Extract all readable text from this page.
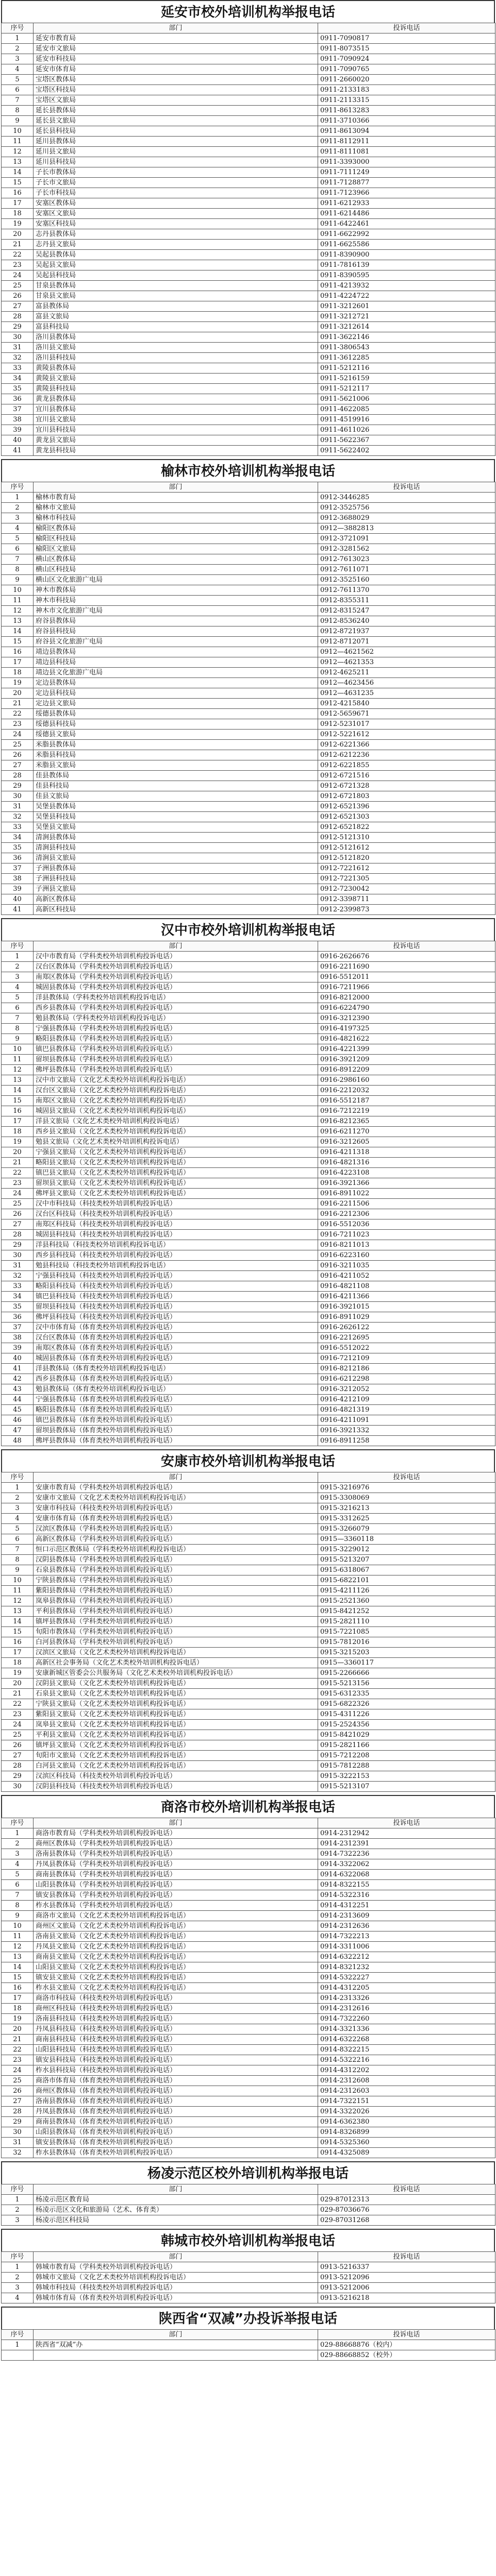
延安市校外培训机构举报电话
序号	部门	投诉电话
1	延安市教育局	0911-7090817
2	延安市文旅局	0911-8073515
3	延安市科技局	0911-7090924
4	延安市体育局	0911-7090765
5	宝塔区教体局	0911-2660020
6	宝塔区科技局	0911-2133183
7	宝塔区文旅局	0911-2113315
8	延长县教体局	0911-8613283
9	延长县文旅局	0911-3710366
10	延长县科技局	0911-8613094
11	延川县教体局	0911-8112911
12	延川县文旅局	0911-8111081
13	延川县科技局	0911-3393000
14	子长市教体局	0911-7111249
15	子长市文旅局	0911-7128877
16	子长市科技局	0911-7123966
17	安塞区教体局	0911-6212933
18	安塞区文旅局	0911-6214486
19	安塞区科技局	0911-6422461
20	志丹县教体局	0911-6622992
21	志丹县文旅局	0911-6625586
22	吴起县教体局	0911-8390900
23	吴起县文旅局	0911-7816139
24	吴起县科技局	0911-8390595
25	甘泉县教体局	0911-4213932
26	甘泉县文旅局	0911-4224722
27	富县教体局	0911-3212601
28	富县文旅局	0911-3212721
29	富县科技局	0911-3212614
30	洛川县教体局	0911-3622146
31	洛川县文旅局	0911-3806543
32	洛川县科技局	0911-3612285
33	黄陵县教体局	0911-5212116
34	黄陵县文旅局	0911-5216159
35	黄陵县科技局	0911-5212117
36	黄龙县教体局	0911-5621006
37	宜川县教体局	0911-4622085
38	宜川县文旅局	0911-4519916
39	宜川县科技局	0911-4611026
40	黄龙县文旅局	0911-5622367
41	黄龙县科技局	0911-5622402
榆林市校外培训机构举报电话
序号	部门	投诉电话
1	榆林市教育局	0912-3446285
2	榆林市文旅局	0912-3525756
3	榆林市科技局	0912-3688029
4	榆阳区教体局	0912—3882813
5	榆阳区科技局	0912-3721091
6	榆阳区文旅局	0912-3281562
7	横山区教体局	0912-7613023
8	横山区科技局	0912-7611071
9	横山区文化旅游广电局	0912-3525160
10	神木市教体局	0912-7611370
11	神木市科技局	0912-8355311
12	神木市文化旅游广电局	0912-8315247
13	府谷县教体局	0912-8536240
14	府谷县科技局	0912-8721937
15	府谷县文化旅游广电局	0912-8712071
16	靖边县教体局	0912—4621562
17	靖边县科技局	0912—4621353
18	靖边县文化旅游广电局	0912-4625211
19	定边县教体局	0912—4623456
20	定边县科技局	0912—4631235
21	定边县文旅局	0912-4215840
22	绥德县教体局	0912-5659671
23	绥德县科技局	0912-5231017
24	绥德县文旅局	0912-5221612
25	米脂县教体局	0912-6221366
26	米脂县科技局	0912-6212236
27	米脂县文旅局	0912-6221855
28	佳县教体局	0912-6721516
29	佳县科技局	0912-6721328
30	佳县文旅局	0912-6721803
31	吴堡县教体局	0912-6521396
32	吴堡县科技局	0912-6521303
33	吴堡县文旅局	0912-6521822
34	清涧县教体局	0912-5121310
35	清涧县科技局	0912-5121612
36	清涧县文旅局	0912-5121820
37	子洲县教体局	0912-7221612
38	子洲县科技局	0912-7221305
39	子洲县文旅局	0912-7230042
40	高新区教体局	0912-3398711
41	高新区科技局	0912-2399873
汉中市校外培训机构举报电话
序号	部门	投诉电话
1	汉中市教育局（学科类校外培训机构投诉电话）	0916-2626676
2	汉台区教体局（学科类校外培训机构投诉电话）	0916-2211690
3	南郑区教体局（学科类校外培训机构投诉电话）	0916-5512011
4	城固县教体局（学科类校外培训机构投诉电话）	0916-7211966
5	洋县教体局（学科类校外培训机构投诉电话）	0916-8212000
6	西乡县教体局（学科类校外培训机构投诉电话）	0916-6224790
7	勉县教体局（学科类校外培训机构投诉电话）	0916-3212390
8	宁强县教体局（学科类校外培训机构投诉电话）	0916-4197325
9	略阳县教体局（学科类校外培训机构投诉电话）	0916-4821622
10	镇巴县教体局（学科类校外培训机构投诉电话）	0916-4221399
11	留坝县教体局（学科类校外培训机构投诉电话）	0916-3921209
12	佛坪县教体局（学科类校外培训机构投诉电话）	0916-8912209
13	汉中市文旅局（文化艺术类校外培训机构投诉电话）	0916-2986160
14	汉台区文旅局（文化艺术类校外培训机构投诉电话）	0916-2212032
15	南郑区文旅局（文化艺术类校外培训机构投诉电话）	0916-5512187
16	城固县文旅局（文化艺术类校外培训机构投诉电话）	0916-7212219
17	洋县文旅局（文化艺术类校外培训机构投诉电话）	0916-8212365
18	西乡县文旅局（文化艺术类校外培训机构投诉电话）	0916-6211270
19	勉县文旅局（文化艺术类校外培训机构投诉电话）	0916-3212605
20	宁强县文旅局（文化艺术类校外培训机构投诉电话）	0916-4211318
21	略阳县文旅局（文化艺术类校外培训机构投诉电话）	0916-4821316
22	镇巴县文旅局（文化艺术类校外培训机构投诉电话）	0916-4223108
23	留坝县文旅局（文化艺术类校外培训机构投诉电话）	0916-3921366
24	佛坪县文旅局（文化艺术类校外培训机构投诉电话）	0916-8911022
25	汉中市科技局（科技类校外培训机构投诉电话）	0916-2211506
26	汉台区科技局（科技类校外培训机构投诉电话）	0916-2212306
27	南郑区科技局（科技类校外培训机构投诉电话）	0916-5512036
28	城固县科技局（科技类校外培训机构投诉电话）	0916-7211023
29	洋县科技局（科技类校外培训机构投诉电话）	0916-8211013
30	西乡县科技局（科技类校外培训机构投诉电话）	0916-6223160
31	勉县科技局（科技类校外培训机构投诉电话）	0916-3211035
32	宁强县科技局（科技类校外培训机构投诉电话）	0916-4211052
33	略阳县科技局（科技类校外培训机构投诉电话）	0916-4821108
34	镇巴县科技局（科技类校外培训机构投诉电话）	0916-4211366
35	留坝县科技局（科技类校外培训机构投诉电话）	0916-3921015
36	佛坪县科技局（科技类校外培训机构投诉电话）	0916-8911029
37	汉中市体育局（体育类校外培训机构投诉电话）	0916-2626122
38	汉台区教体局（体育类校外培训机构投诉电话）	0916-2212695
39	南郑区教体局（体育类校外培训机构投诉电话）	0916-5512022
40	城固县教体局（体育类校外培训机构投诉电话）	0916-7212109
41	洋县教体局（体育类校外培训机构投诉电话）	0916-8212186
42	西乡县教体局（体育类校外培训机构投诉电话）	0916-6212298
43	勉县教体局（体育类校外培训机构投诉电话）	0916-3212052
44	宁强县教体局（体育类校外培训机构投诉电话）	0916-4212109
45	略阳县教体局（体育类校外培训机构投诉电话）	0916-4821319
46	镇巴县教体局（体育类校外培训机构投诉电话）	0916-4211091
47	留坝县教体局（体育类校外培训机构投诉电话）	0916-3921332
48	佛坪县教体局（体育类校外培训机构投诉电话）	0916-8911258
安康市校外培训机构举报电话
序号	部门	投诉电话
1	安康市教育局（学科类校外培训机构投诉电话）	0915-3216976
2	安康市文旅局（文化艺术类校外培训机构投诉电话）	0915-3308069
3	安康市科技局（科技类校外培训机构投诉电话）	0915-3216213
4	安康市体育局（体育类校外培训机构投诉电话）	0915-3312625
5	汉滨区教体局（学科类校外培训机构投诉电话）	0915-3266079
6	高新区教体局（学科类校外培训机构投诉电话）	0915—3360118
7	恒口示范区教体局（学科类校外培训机构投诉电话）	0915-3229012
8	汉阴县教体局（学科类校外培训机构投诉电话）	0915-5213207
9	石泉县教体局（学科类校外培训机构投诉电话）	0915-6318067
10	宁陕县教体局（学科类校外培训机构投诉电话）	0915-6822101
11	紫阳县教体局（学科类校外培训机构投诉电话）	0915-4211126
12	岚皋县教体局（学科类校外培训机构投诉电话）	0915-2521360
13	平利县教体局（学科类校外培训机构投诉电话）	0915-8421252
14	镇坪县教体局（学科类校外培训机构投诉电话）	0915-2821110
15	旬阳市教体局（学科类校外培训机构投诉电话）	0915-7221085
16	白河县教体局（学科类校外培训机构投诉电话）	0915-7812016
17	汉滨区文旅局（文化艺术类校外培训机构投诉电话）	0915-3215203
18	高新区社会事务局（文化艺术类校外培训机构投诉电话）	0915—3360117
19	安康新城区管委会公共服务局（文化艺术类校外培训机构投诉电话）	0915-2266666
20	汉阴县文旅局（文化艺术类校外培训机构投诉电话）	0915-5213156
21	石泉县文旅局（文化艺术类校外培训机构投诉电话）	0915-6312335
22	宁陕县文旅局（文化艺术类校外培训机构投诉电话）	0915-6822326
23	紫阳县文旅局（文化艺术类校外培训机构投诉电话）	0915-4311226
24	岚皋县文旅局（文化艺术类校外培训机构投诉电话）	0915-2524356
25	平利县文旅局（文化艺术类校外培训机构投诉电话）	0915-8421029
26	镇坪县文旅局（文化艺术类校外培训机构投诉电话）	0915-2821166
27	旬阳市文旅局（文化艺术类校外培训机构投诉电话）	0915-7212208
28	白河县文旅局（文化艺术类校外培训机构投诉电话）	0915-7812288
29	汉滨区科技局（科技类校外培训机构投诉电话）	0915-3222153
30	汉阴县科技局（科技类校外培训机构投诉电话）	0915-5213107
商洛市校外培训机构举报电话
序号	部门	投诉电话
1	商洛市教育局（学科类校外培训机构投诉电话）	0914-2312942
2	商州区教体局（学科类校外培训机构投诉电话）	0914-2312391
3	洛南县教体局（学科类校外培训机构投诉电话）	0914-7322236
4	丹凤县教体局（学科类校外培训机构投诉电话）	0914-3322062
5	商南县教体局（学科类校外培训机构投诉电话）	0914-6322068
6	山阳县教体局（学科类校外培训机构投诉电话）	0914-8322155
7	镇安县教体局（学科类校外培训机构投诉电话）	0914-5322316
8	柞水县教体局（学科类校外培训机构投诉电话）	0914-4312251
9	商洛市文旅局（文化艺术类校外培训机构投诉电话）	0914-2313609
10	商州区文旅局（文化艺术类校外培训机构投诉电话）	0914-2312636
11	洛南县文旅局（文化艺术类校外培训机构投诉电话）	0914-7322213
12	丹凤县文旅局（文化艺术类校外培训机构投诉电话）	0914-3311006
13	商南县文旅局（文化艺术类校外培训机构投诉电话）	0914-6322212
14	山阳县文旅局（文化艺术类校外培训机构投诉电话）	0914-8321232
15	镇安县文旅局（文化艺术类校外培训机构投诉电话）	0914-5322227
16	柞水县文旅局（文化艺术类校外培训机构投诉电话）	0914-4312205
17	商洛市科技局（科技类校外培训机构投诉电话）	0914-2313326
18	商州区科技局（科技类校外培训机构投诉电话）	0914-2312616
19	洛南县科技局（科技类校外培训机构投诉电话）	0914-7322260
20	丹凤县科技局（科技类校外培训机构投诉电话）	0914-3321336
21	商南县科技局（科技类校外培训机构投诉电话）	0914-6322268
22	山阳县科技局（科技类校外培训机构投诉电话）	0914-8322215
23	镇安县科技局（科技类校外培训机构投诉电话）	0914-5322216
24	柞水县科技局（科技类校外培训机构投诉电话）	0914-4312202
25	商洛市体育局（体育类校外培训机构投诉电话）	0914-2312608
26	商州区教体局（体育类校外培训机构投诉电话）	0914-2312603
27	洛南县教体局（体育类校外培训机构投诉电话）	0914-7322151
28	丹凤县教体局（体育类校外培训机构投诉电话）	0914-3322026
29	商南县教体局（体育类校外培训机构投诉电话）	0914-6362380
30	山阳县教体局（体育类校外培训机构投诉电话）	0914-8326899
31	镇安县教体局（体育类校外培训机构投诉电话）	0914-5325360
32	柞水县教体局（体育类校外培训机构投诉电话）	0914-4325089
杨凌示范区校外培训机构举报电话
序号	部门	投诉电话
1	杨凌示范区教育局	029-87012313
2	杨凌示范区文化和旅游局（艺术、体育类）	029-87036676
3	杨凌示范区科技局	029-87031268
韩城市校外培训机构举报电话
序号	部门	投诉电话
1	韩城市教育局（学科类校外培训机构投诉电话）	0913-5216337
2	韩城市文旅局（文化艺术类校外培训机构投诉电话）	0913-5212096
3	韩城市科技局（科技类校外培训机构投诉电话）	0913-5212006
4	韩城市体育局（体育类校外培训机构投诉电话）	0913-5216218
陕西省“双减”办投诉举报电话
序号	部门	投诉电话
1	陕西省“双减”办	029-88668876（校内）
		029-88668852（校外）
